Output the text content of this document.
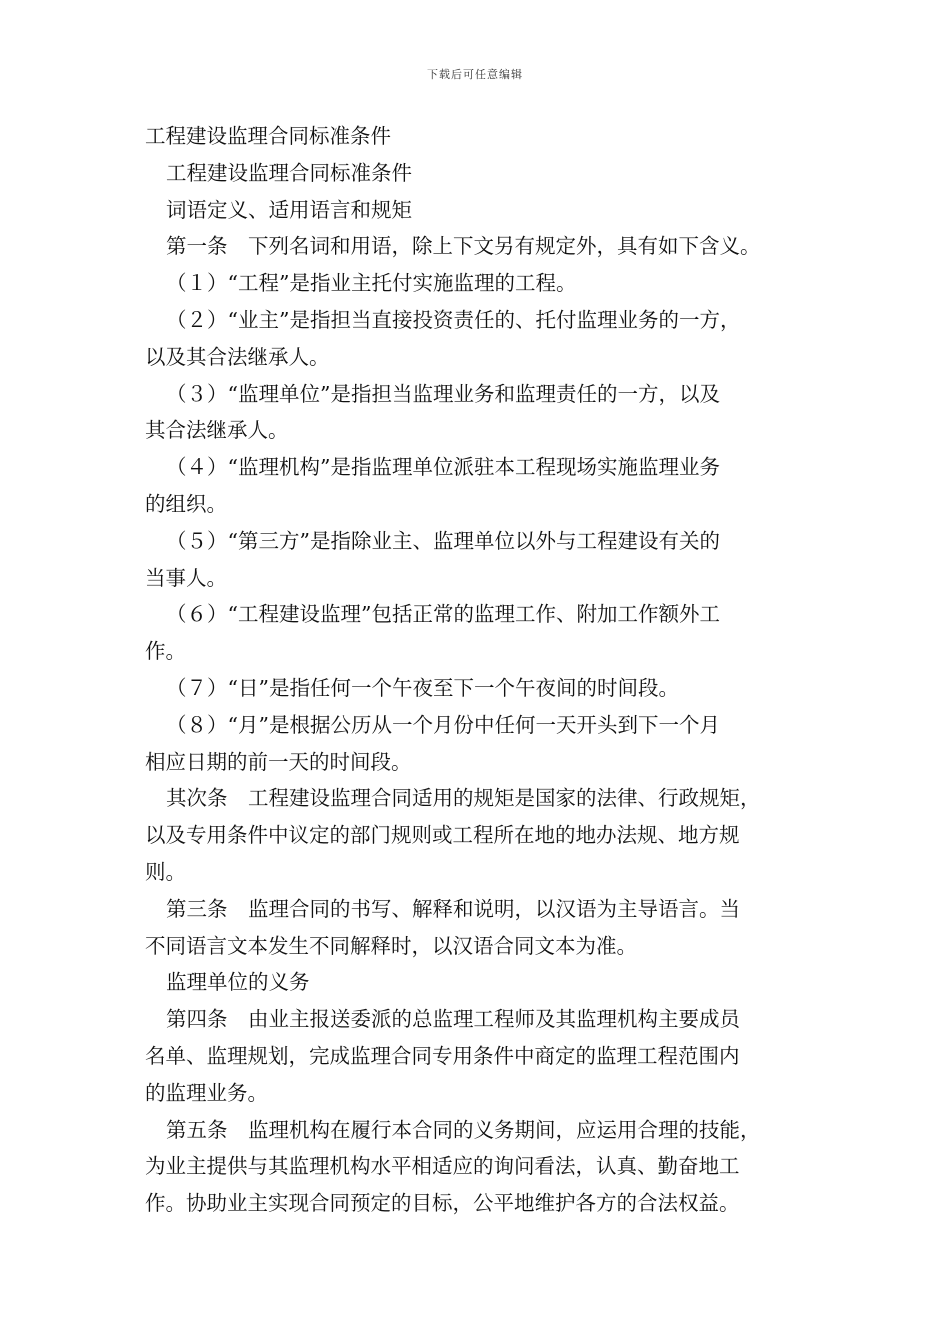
下载后可任意编辑
工程建设监理合同标准条件
工程建设监理合同标准条件
词语定义、适用语言和规矩
第一条　下列名词和用语，除上下文另有规定外，具有如下含义。
（１）“工程”是指业主托付实施监理的工程。
（２）“业主”是指担当直接投资责任的、托付监理业务的一方，
以及其合法继承人。
（３）“监理单位”是指担当监理业务和监理责任的一方，以及
其合法继承人。
（４）“监理机构”是指监理单位派驻本工程现场实施监理业务
的组织。
（５）“第三方”是指除业主、监理单位以外与工程建设有关的
当事人。
（６）“工程建设监理”包括正常的监理工作、附加工作额外工
作。
（７）“日”是指任何一个午夜至下一个午夜间的时间段。
（８）“月”是根据公历从一个月份中任何一天开头到下一个月
相应日期的前一天的时间段。
其次条　工程建设监理合同适用的规矩是国家的法律、行政规矩，
以及专用条件中议定的部门规则或工程所在地的地办法规、地方规
则。
第三条　监理合同的书写、解释和说明，以汉语为主导语言。当
不同语言文本发生不同解释时，以汉语合同文本为准。
监理单位的义务
第四条　由业主报送委派的总监理工程师及其监理机构主要成员
名单、监理规划，完成监理合同专用条件中商定的监理工程范围内
的监理业务。
第五条　监理机构在履行本合同的义务期间，应运用合理的技能，
为业主提供与其监理机构水平相适应的询问看法，认真、勤奋地工
作。协助业主实现合同预定的目标，公平地维护各方的合法权益。
